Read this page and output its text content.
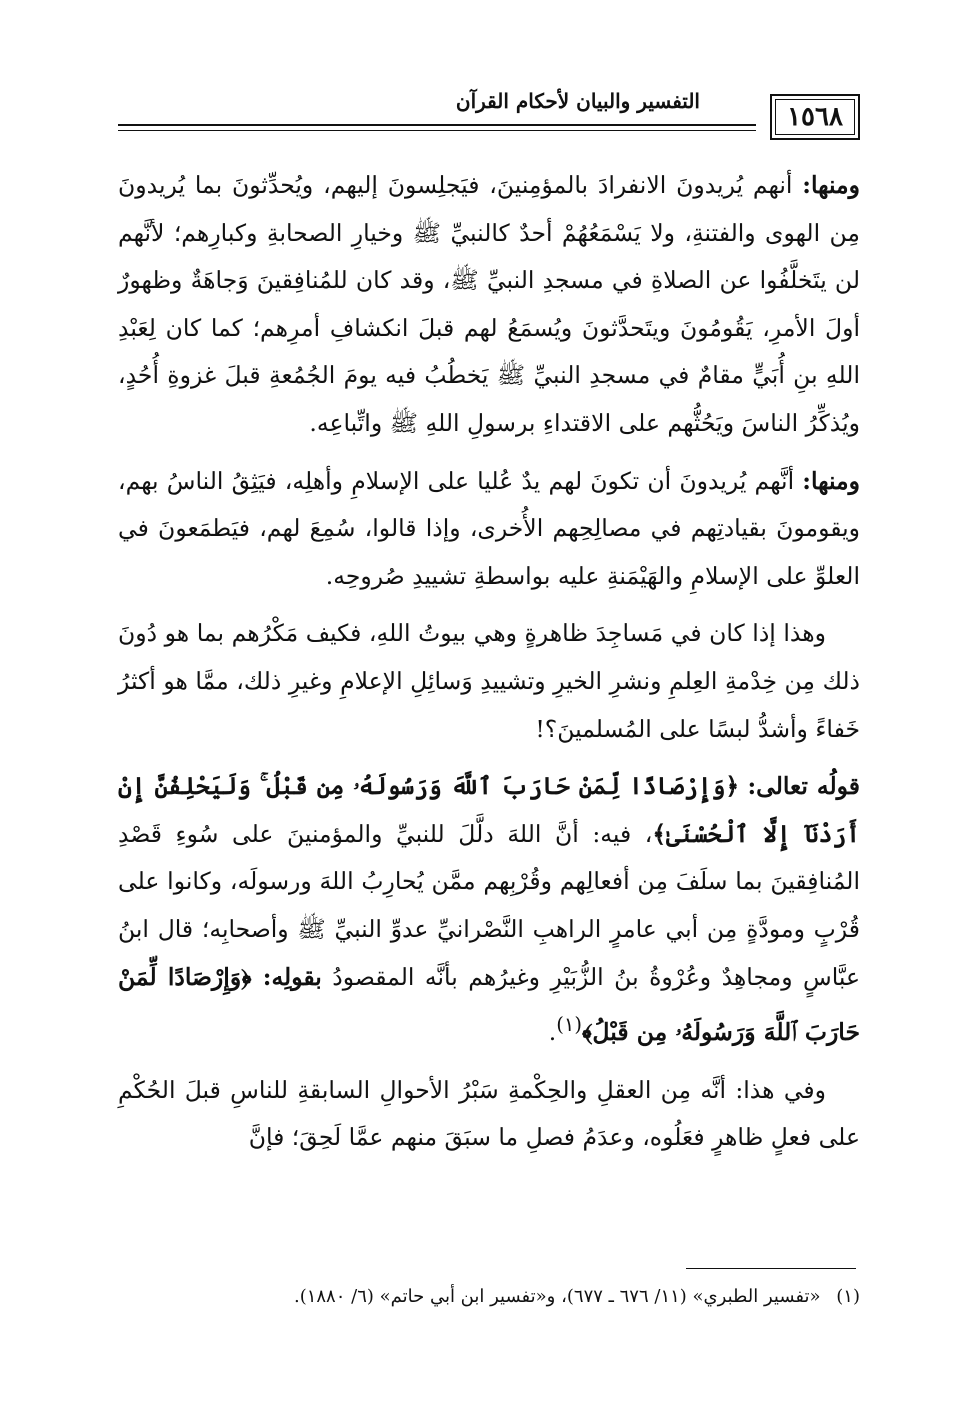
التفسير والبيان لأحكام القرآن
١٥٦٨

ومنها: أنهم يُريدونَ الانفرادَ بالمؤمِنينَ، فيَجلِسونَ إليهم، ويُحدِّثونَ بما يُريدونَ مِن الهوى والفتنةِ، ولا يَسْمَعُهُمْ أحدٌ كالنبيِّ ﷺ وخيارِ الصحابةِ وكبارِهم؛ لأنَّهم لن يتَخلَّفُوا عن الصلاةِ في مسجدِ النبيِّ ﷺ، وقد كان للمُنافِقينَ وَجاهَةٌ وظهورٌ أولَ الأمرِ، يَقُومُونَ ويتَحدَّثونَ ويُسمَعُ لهم قبلَ انكشافِ أمرِهم؛ كما كان لِعَبْدِ اللهِ بنِ أُبَيٍّ مقامٌ في مسجدِ النبيِّ ﷺ يَخطُبُ فيه يومَ الجُمُعةِ قبلَ غزوةِ أُحُدٍ، ويُذكِّرُ الناسَ ويَحُثُّهم على الاقتداءِ برسولِ اللهِ ﷺ واتِّباعِه.

ومنها: أنَّهم يُريدونَ أن تكونَ لهم يدٌ عُليا على الإسلامِ وأهلِه، فيَثِقُ الناسُ بهم، ويقومونَ بقيادتِهم في مصالِحِهم الأُخرى، وإذا قالوا، سُمِعَ لهم، فيَطمَعونَ في العلوِّ على الإسلامِ والهَيْمَنةِ عليه بواسطةِ تشييدِ صُروحِه.

وهذا إذا كان في مَساجِدَ ظاهرةٍ وهي بيوتُ اللهِ، فكيف مَكْرُهم بما هو دُونَ ذلك مِن خِدْمةِ العِلمِ ونشرِ الخيرِ وتشييدِ وَسائِلِ الإعلامِ وغيرِ ذلك، ممَّا هو أكثرُ خَفاءً وأشدُّ لبسًا على المُسلمينَ؟!

قولُه تعالى: ﴿وَإِرْصَادًا لِّمَنْ حَارَبَ ٱللَّهَ وَرَسُولَهُۥ مِن قَبْلُ ۚ وَلَيَحْلِفُنَّ إِنْ أَرَدْنَآ إِلَّا ٱلْحُسْنَىٰ﴾، فيه: أنَّ اللهَ دلَّلَ للنبيِّ والمؤمنينَ على سُوءِ قَصْدِ المُنافِقينَ بما سلَفَ مِن أفعالِهم وقُرْبِهم ممَّن يُحارِبُ اللهَ ورسولَه، وكانوا على قُرْبٍ ومودَّةٍ مِن أبي عامرٍ الراهبِ النَّصْرانيِّ عدوِّ النبيِّ ﷺ وأصحابِه؛ قال ابنُ عبَّاسٍ ومجاهِدٌ وعُرْوةُ بنُ الزُّبَيْرِ وغيرُهم بأنَّه المقصودُ بقولِه: ﴿وَإِرْصَادًا لِّمَنْ حَارَبَ ٱللَّهَ وَرَسُولَهُۥ مِن قَبْلُ﴾$^{(١)}$.

وفي هذا: أنَّه مِن العقلِ والحِكْمةِ سَبْرُ الأحوالِ السابقةِ للناسِ قبلَ الحُكْمِ على فعلٍ ظاهرٍ فعَلُوه، وعدَمُ فصلِ ما سبَقَ منهم عمَّا لَحِقَ؛ فإنَّ

(١) «تفسير الطبري» (١١/ ٦٧٦ ـ ٦٧٧)، و«تفسير ابن أبي حاتم» (٦/ ١٨٨٠).
